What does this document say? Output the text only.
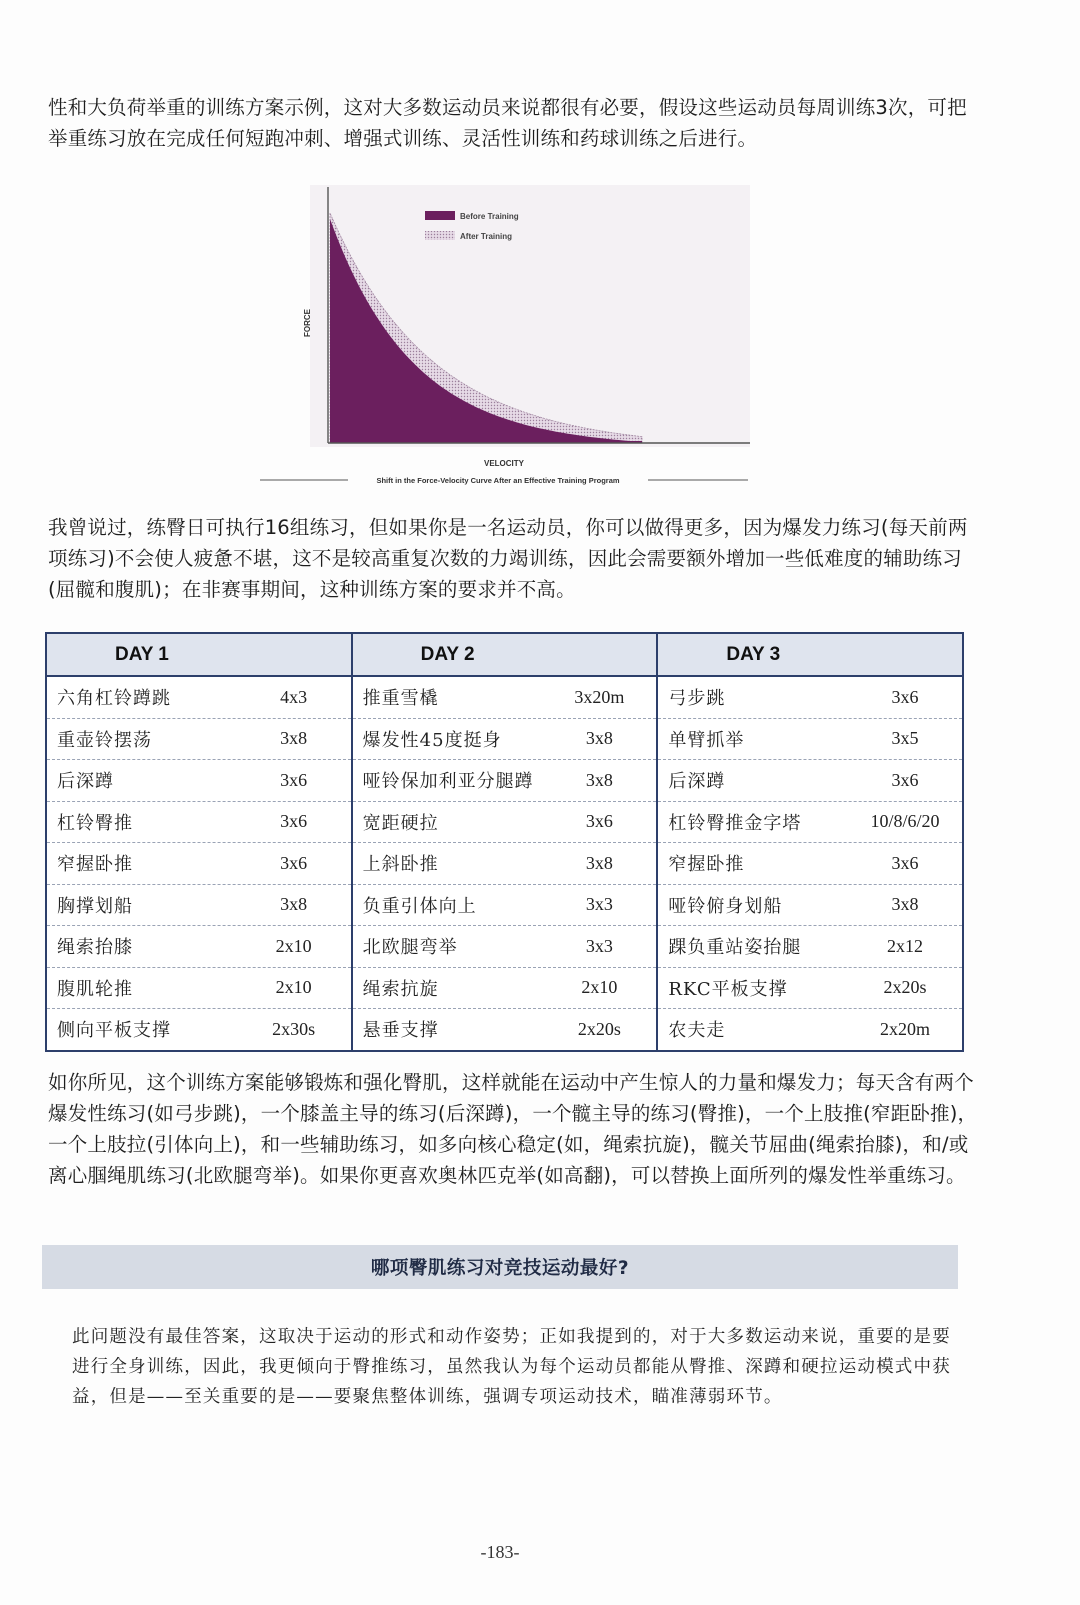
性和大负荷举重的训练方案示例，这对大多数运动员来说都很有必要，假设这些运动员每周训练3次，可把举重练习放在完成任何短跑冲刺、增强式训练、灵活性训练和药球训练之后进行。

Before Training
After Training
FORCE
VELOCITY
Shift in the Force-Velocity Curve After an Effective Training Program

我曾说过，练臀日可执行16组练习，但如果你是一名运动员，你可以做得更多，因为爆发力练习(每天前两项练习)不会使人疲惫不堪，这不是较高重复次数的力竭训练，因此会需要额外增加一些低难度的辅助练习(屈髋和腹肌)；在非赛事期间，这种训练方案的要求并不高。

DAY 1
六角杠铃蹲跳	4x3
重壶铃摆荡	3x8
后深蹲	3x6
杠铃臀推	3x6
窄握卧推	3x6
胸撑划船	3x8
绳索抬膝	2x10
腹肌轮推	2x10
侧向平板支撑	2x30s
DAY 2
推重雪橇	3x20m
爆发性45度挺身	3x8
哑铃保加利亚分腿蹲	3x8
宽距硬拉	3x6
上斜卧推	3x8
负重引体向上	3x3
北欧腿弯举	3x3
绳索抗旋	2x10
悬垂支撑	2x20s
DAY 3
弓步跳	3x6
单臂抓举	3x5
后深蹲	3x6
杠铃臀推金字塔	10/8/6/20
窄握卧推	3x6
哑铃俯身划船	3x8
踝负重站姿抬腿	2x12
RKC平板支撑	2x20s
农夫走	2x20m

如你所见，这个训练方案能够锻炼和强化臀肌，这样就能在运动中产生惊人的力量和爆发力；每天含有两个爆发性练习(如弓步跳)，一个膝盖主导的练习(后深蹲)，一个髋主导的练习(臀推)，一个上肢推(窄距卧推)，一个上肢拉(引体向上)，和一些辅助练习，如多向核心稳定(如，绳索抗旋)，髋关节屈曲(绳索抬膝)，和/或离心腘绳肌练习(北欧腿弯举)。如果你更喜欢奥林匹克举(如高翻)，可以替换上面所列的爆发性举重练习。

哪项臀肌练习对竞技运动最好?

此问题没有最佳答案，这取决于运动的形式和动作姿势；正如我提到的，对于大多数运动来说，重要的是要进行全身训练，因此，我更倾向于臀推练习，虽然我认为每个运动员都能从臀推、深蹲和硬拉运动模式中获益，但是——至关重要的是——要聚焦整体训练，强调专项运动技术，瞄准薄弱环节。

-183-
